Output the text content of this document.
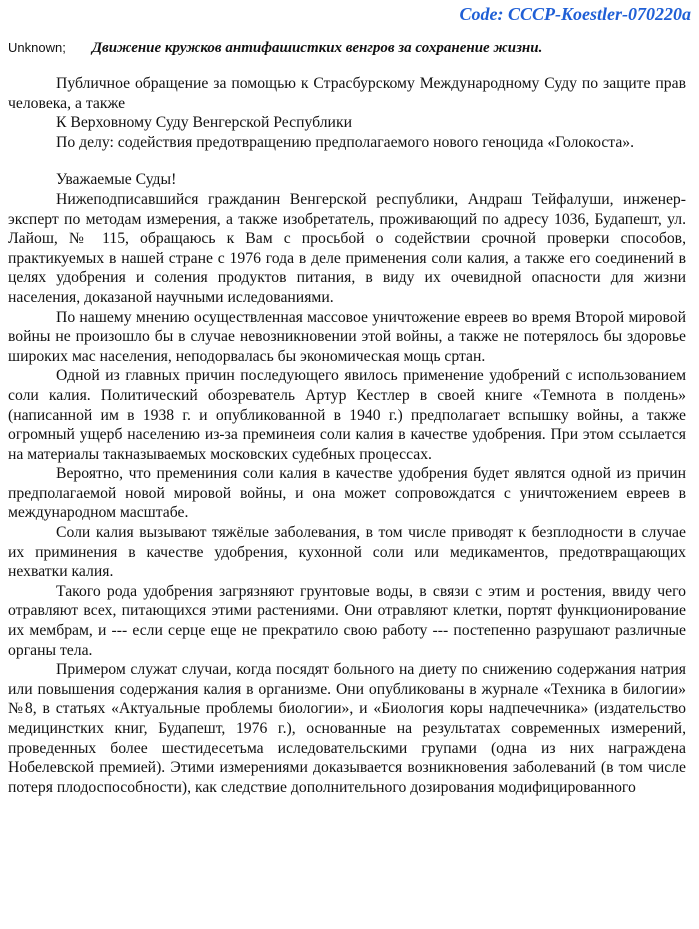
Code: CCCP-Koestler-070220a
Unknown; Движение кружков антифашистких венгров за сохранение жизни.

Публичное обращение за помощью к Страсбурскому Международному Суду по защите прав человека, а также

К Верховному Суду Венгерской Республики

По делу: содействия предотвращению предполагаемого нового геноцида «Голокоста».

Уважаемые Суды!

Нижеподписавшийся гражданин Венгерской республики, Андраш Тейфалуши, инженер-эксперт по методам измерения, а также изобретатель, проживающий по адресу 1036, Будапешт, ул. Лайош, № 115, обращаюсь к Вам с просьбой о содействии срочной проверки способов, практикуемых в нашей стране с 1976 года в деле применения соли калия, а также его соединений в целях удобрения и соления продуктов питания, в виду их очевидной опасности для жизни населения, доказаной научными иследованиями.

По нашему мнению осуществленная массовое уничтожение евреев во время Второй мировой войны не произошло бы в случае невозникновении этой войны, а также не потерялось бы здоровье широких мас населения, неподорвалась бы экономическая мощь сртан.

Одной из главных причин последующего явилось применение удобрений с использованием соли калия. Политический обозреватель Артур Кестлер в своей книге «Темнота в полдень» (написанной им в 1938 г. и опубликованной в 1940 г.) предполагает вспышку войны, а также огромный ущерб населению из-за преминеия соли калия в качестве удобрения. При этом ссылается на материалы такназываемых московских судебных процессах.

Вероятно, что премениния соли калия в качестве удобрения будет являтся одной из причин предполагаемой новой мировой войны, и она может сопровождатся с уничтожением евреев в международном масштабе.

Соли калия вызывают тяжёлые заболевания, в том числе приводят к безплодности в случае их приминения в качестве удобрения, кухонной соли или медикаментов, предотвращающих нехватки калия.

Такого рода удобрения загрязняют грунтовые воды, в связи с этим и ростения, ввиду чего отравляют всех, питающихся этими растениями. Они отравляют клетки, портят функционирование их мембрам, и --- если серце еще не прекратило свою работу --- постепенно разрушают различные органы тела.

Примером служат случаи, когда посядят больного на диету по снижению содержания натрия или повышения содержания калия в организме. Они опубликованы в журнале «Техника в билогии» №8, в статьях «Актуальные проблемы биологии», и «Биология коры надпечечника» (издательство медицинстких книг, Будапешт, 1976 г.), основанные на результатах современных измерений, проведенных более шестидесетьма иследовательскими групами (одна из них награждена Нобелевской премией). Этими измерениями доказывается возникновения заболеваний (в том числе потеря плодоспособности), как следствие дополнительного дозирования модифицированного
